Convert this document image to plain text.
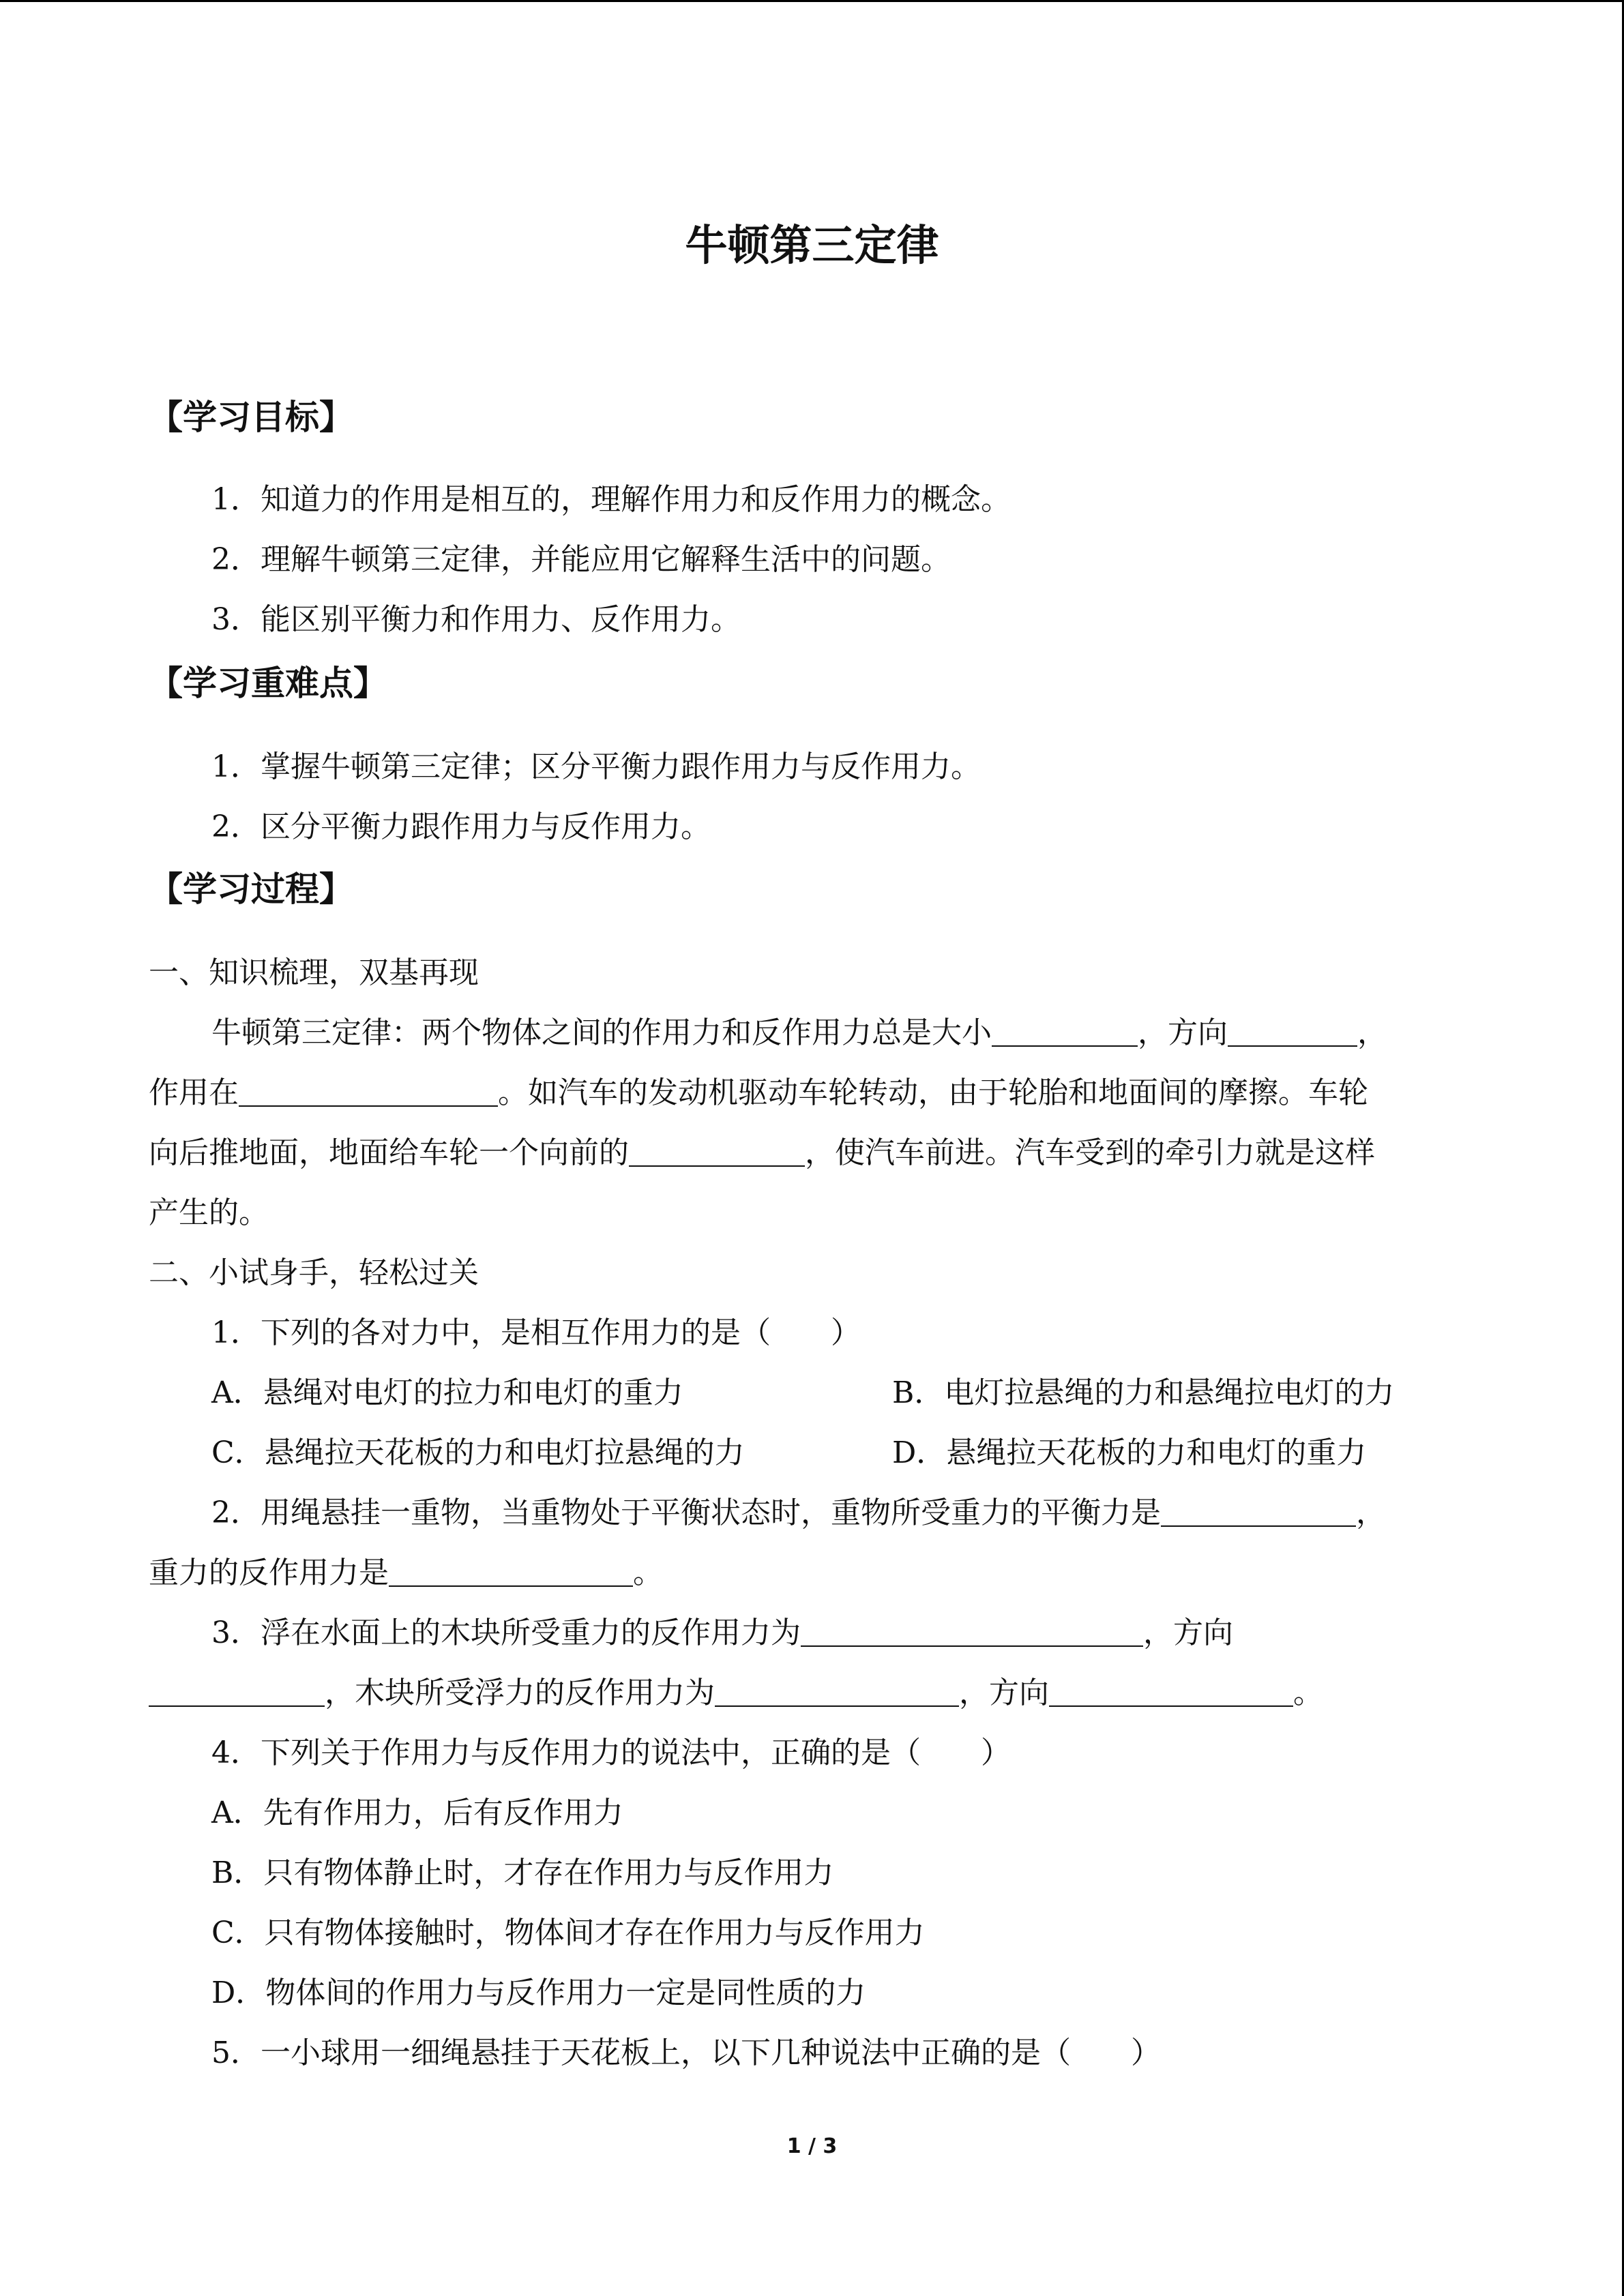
牛顿第三定律
【学习目标】
1．知道力的作用是相互的，理解作用力和反作用力的概念。
2．理解牛顿第三定律，并能应用它解释生活中的问题。
3．能区别平衡力和作用力、反作用力。
【学习重难点】
1．掌握牛顿第三定律；区分平衡力跟作用力与反作用力。
2．区分平衡力跟作用力与反作用力。
【学习过程】
一、知识梳理，双基再现
牛顿第三定律：两个物体之间的作用力和反作用力总是大小	，方向	，
作用在	。如汽车的发动机驱动车轮转动，由于轮胎和地面间的摩擦。车轮
向后推地面，地面给车轮一个向前的	，使汽车前进。汽车受到的牵引力就是这样
产生的。
二、小试身手，轻松过关
1．下列的各对力中，是相互作用力的是（　　）
A．悬绳对电灯的拉力和电灯的重力	B．电灯拉悬绳的力和悬绳拉电灯的力
C．悬绳拉天花板的力和电灯拉悬绳的力	D．悬绳拉天花板的力和电灯的重力
2．用绳悬挂一重物，当重物处于平衡状态时，重物所受重力的平衡力是	，
重力的反作用力是	。
3．浮在水面上的木块所受重力的反作用力为	，方向
，木块所受浮力的反作用力为	，方向	。
4．下列关于作用力与反作用力的说法中，正确的是（　　）
A．先有作用力，后有反作用力
B．只有物体静止时，才存在作用力与反作用力
C．只有物体接触时，物体间才存在作用力与反作用力
D．物体间的作用力与反作用力一定是同性质的力
5．一小球用一细绳悬挂于天花板上，以下几种说法中正确的是（　　）
1 / 3
